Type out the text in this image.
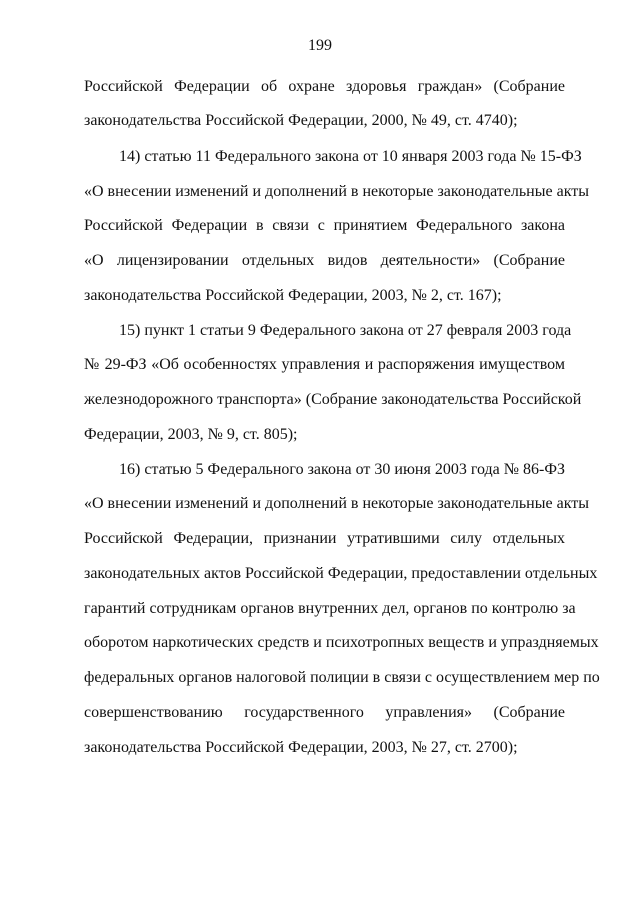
199
Российской Федерации об охране здоровья граждан» (Собрание
законодательства Российской Федерации, 2000, № 49, ст. 4740);
14) статью 11 Федерального закона от 10 января 2003 года № 15-ФЗ
«О внесении изменений и дополнений в некоторые законодательные акты
Российской Федерации в связи с принятием Федерального закона
«О лицензировании отдельных видов деятельности» (Собрание
законодательства Российской Федерации, 2003, № 2, ст. 167);
15) пункт 1 статьи 9 Федерального закона от 27 февраля 2003 года
№ 29-ФЗ «Об особенностях управления и распоряжения имуществом
железнодорожного транспорта» (Собрание законодательства Российской
Федерации, 2003, № 9, ст. 805);
16) статью 5 Федерального закона от 30 июня 2003 года № 86-ФЗ
«О внесении изменений и дополнений в некоторые законодательные акты
Российской Федерации, признании утратившими силу отдельных
законодательных актов Российской Федерации, предоставлении отдельных
гарантий сотрудникам органов внутренних дел, органов по контролю за
оборотом наркотических средств и психотропных веществ и упраздняемых
федеральных органов налоговой полиции в связи с осуществлением мер по
совершенствованию государственного управления» (Собрание
законодательства Российской Федерации, 2003, № 27, ст. 2700);
